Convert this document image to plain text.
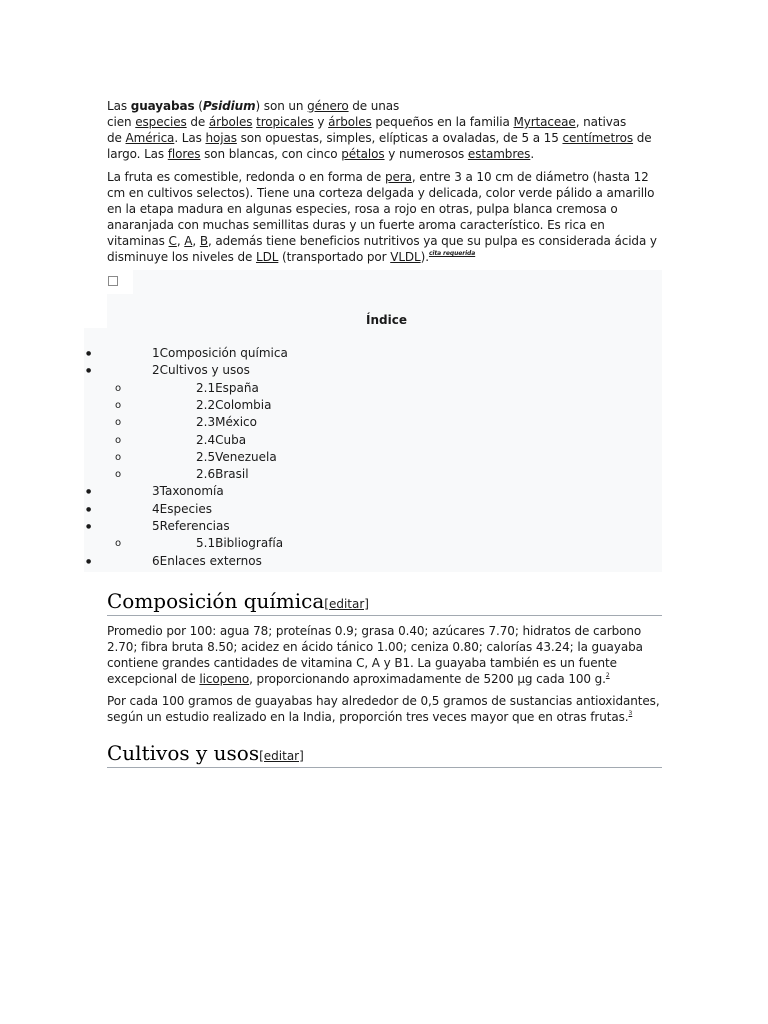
Las guayabas (Psidium) son un género de unas
cien especies de árboles tropicales y árboles pequeños en la familia Myrtaceae, nativas
de América. Las hojas son opuestas, simples, elípticas a ovaladas, de 5 a 15 centímetros de
largo. Las flores son blancas, con cinco pétalos y numerosos estambres.
La fruta es comestible, redonda o en forma de pera, entre 3 a 10 cm de diámetro (hasta 12 cm en cultivos selectos). Tiene una corteza delgada y delicada, color verde pálido a amarillo en la etapa madura en algunas especies, rosa a rojo en otras, pulpa blanca cremosa o anaranjada con muchas semillitas duras y un fuerte aroma característico. Es rica en vitaminas C, A, B, además tiene beneficios nutritivos ya que su pulpa es considerada ácida y disminuye los niveles de LDL (transportado por VLDL).$^{cita requerida}$
Índice
●	1Composición química
●	2Cultivos y usos
o	2.1España
o	2.2Colombia
o	2.3México
o	2.4Cuba
o	2.5Venezuela
o	2.6Brasil
●	3Taxonomía
●	4Especies
●	5Referencias
o	5.1Bibliografía
●	6Enlaces externos
Composición química[editar]
Promedio por 100: agua 78; proteínas 0.9; grasa 0.40; azúcares 7.70; hidratos de carbono 2.70; fibra bruta 8.50; acidez en ácido tánico 1.00; ceniza 0.80; calorías 43.24; la guayaba contiene grandes cantidades de vitamina C, A y B1. La guayaba también es un fuente excepcional de licopeno, proporcionando aproximadamente de 5200 µg cada 100 g.$^2$
Por cada 100 gramos de guayabas hay alrededor de 0,5 gramos de sustancias antioxidantes, según un estudio realizado en la India, proporción tres veces mayor que en otras frutas.$^3$
Cultivos y usos[editar]
